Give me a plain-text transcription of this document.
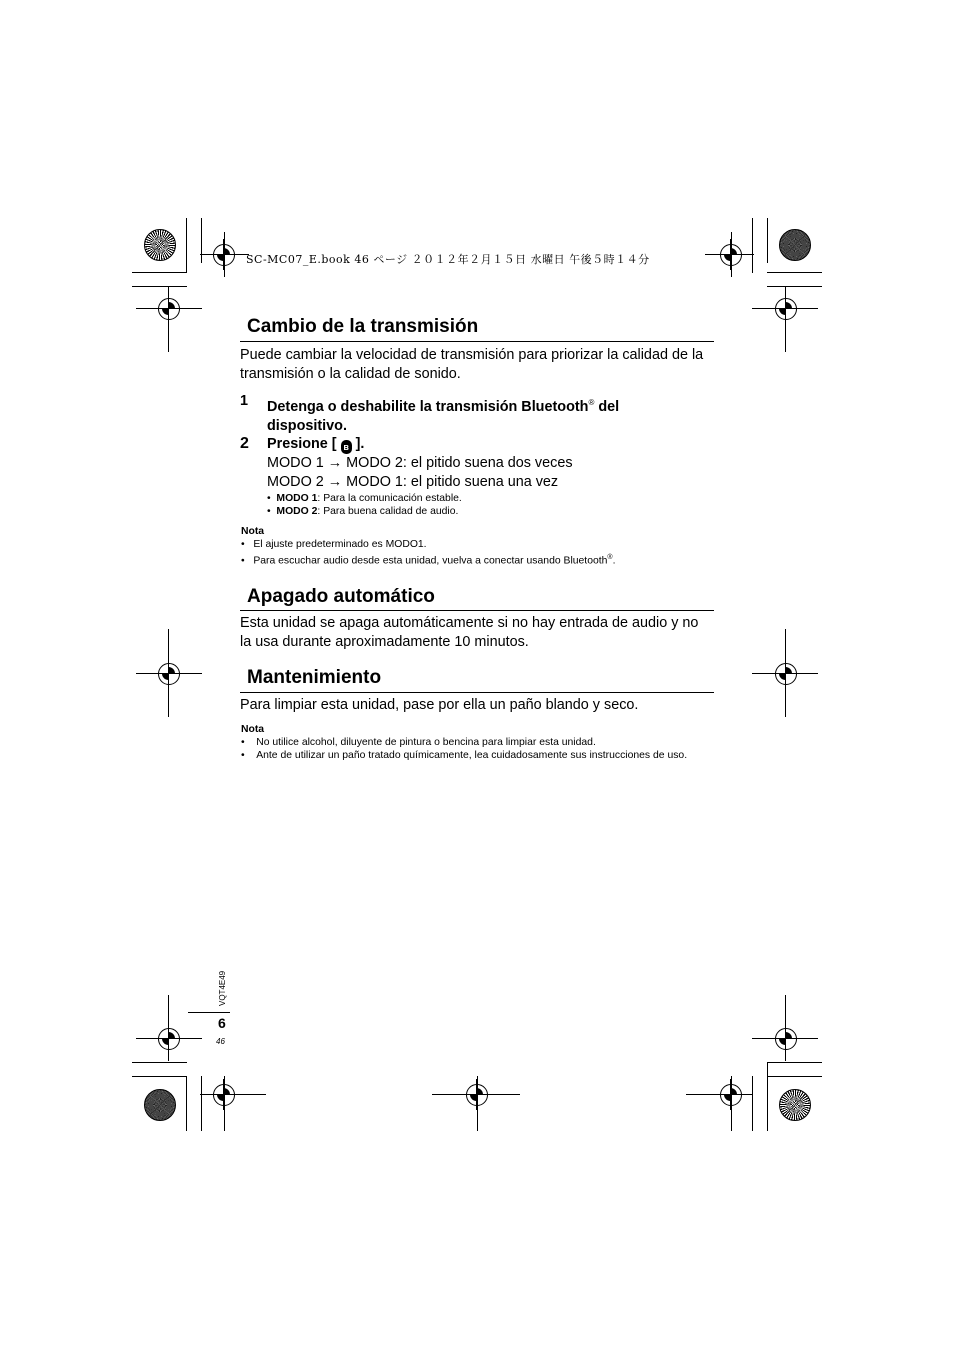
SC-MC07_E.book 46 ページ ２０１２年２月１５日 水曜日 午後５時１４分
Cambio de la transmisión
Puede cambiar la velocidad de transmisión para priorizar la calidad de la
transmisión o la calidad de sonido.
1 Detenga o deshabilite la transmisión Bluetooth® del
dispositivo.
2 Presione [ ʙ ].
MODO 1 → MODO 2: el pitido suena dos veces
MODO 2 → MODO 1: el pitido suena una vez
• MODO 1: Para la comunicación estable.
• MODO 2: Para buena calidad de audio.
Nota
• El ajuste predeterminado es MODO1.
• Para escuchar audio desde esta unidad, vuelva a conectar usando Bluetooth®.
Apagado automático
Esta unidad se apaga automáticamente si no hay entrada de audio y no
la usa durante aproximadamente 10 minutos.
Mantenimiento
Para limpiar esta unidad, pase por ella un paño blando y seco.
Nota
• No utilice alcohol, diluyente de pintura o bencina para limpiar esta unidad.
• Ante de utilizar un paño tratado químicamente, lea cuidadosamente sus instrucciones de uso.
VQT4E49
6
46
